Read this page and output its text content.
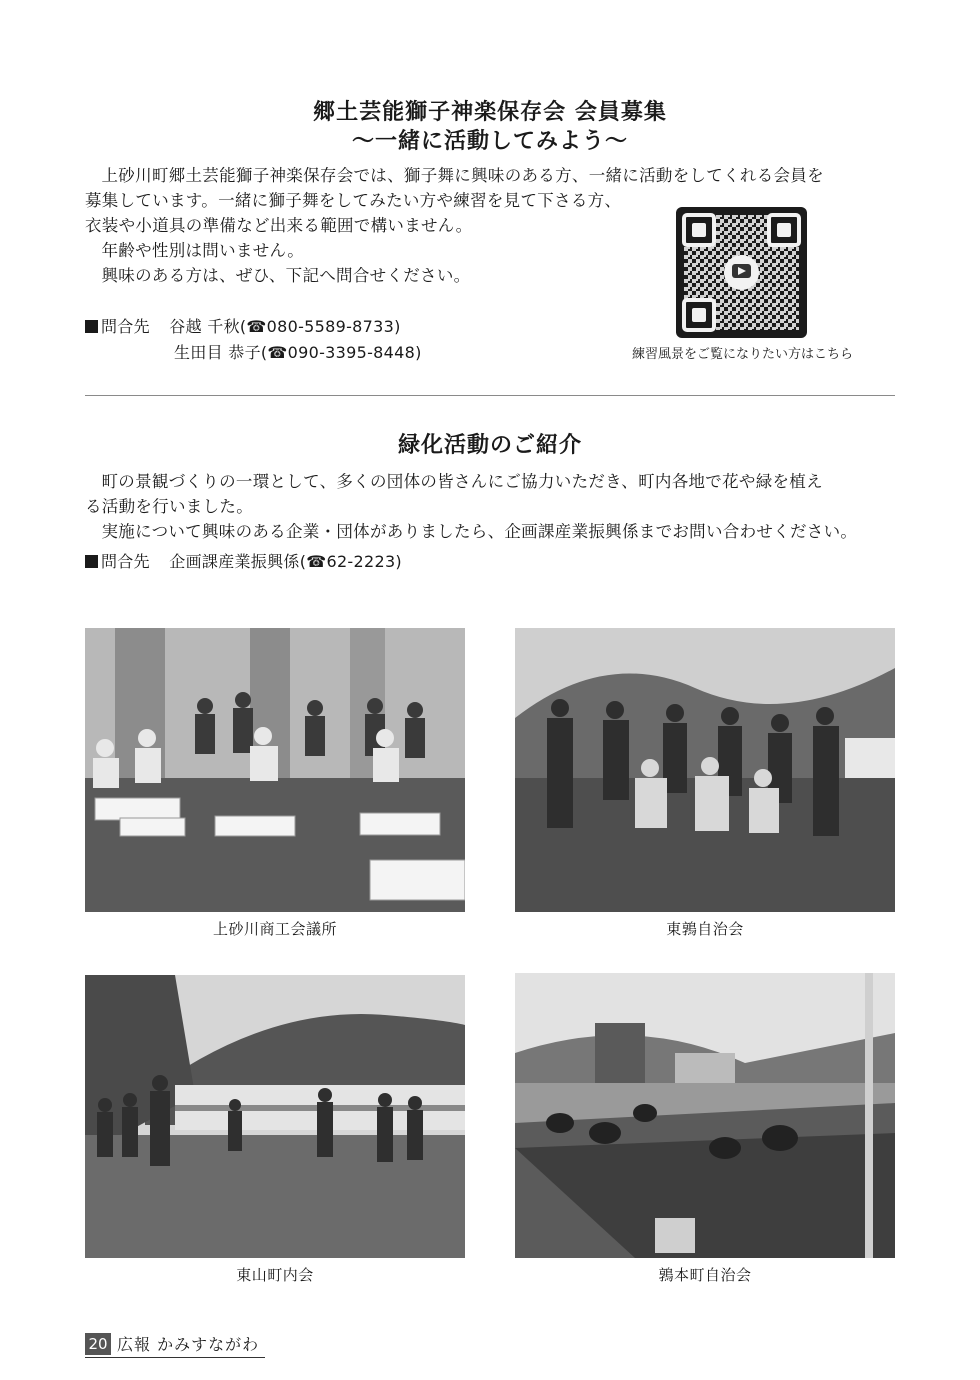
郷土芸能獅子神楽保存会 会員募集
～一緒に活動してみよう～

上砂川町郷土芸能獅子神楽保存会では、獅子舞に興味のある方、一緒に活動をしてくれる会員を

募集しています。一緒に獅子舞をしてみたい方や練習を見て下さる方、

衣装や小道具の準備など出来る範囲で構いません。

年齢や性別は問いません。

興味のある方は、ぜひ、下記へ問合せください。

問合先 谷越 千秋(☎080-5589-8733)
生田目 恭子(☎090-3395-8448)	練習風景をご覧になりたい方はこちら
緑化活動のご紹介

町の景観づくりの一環として、多くの団体の皆さんにご協力いただき、町内各地で花や緑を植え

る活動を行いました。

実施について興味のある企業・団体がありましたら、企画課産業振興係までお問い合わせください。

問合先 企画課産業振興係(☎62-2223)
上砂川商工会議所	東鶉自治会
東山町内会	鶉本町自治会
20 広報 かみすながわ
